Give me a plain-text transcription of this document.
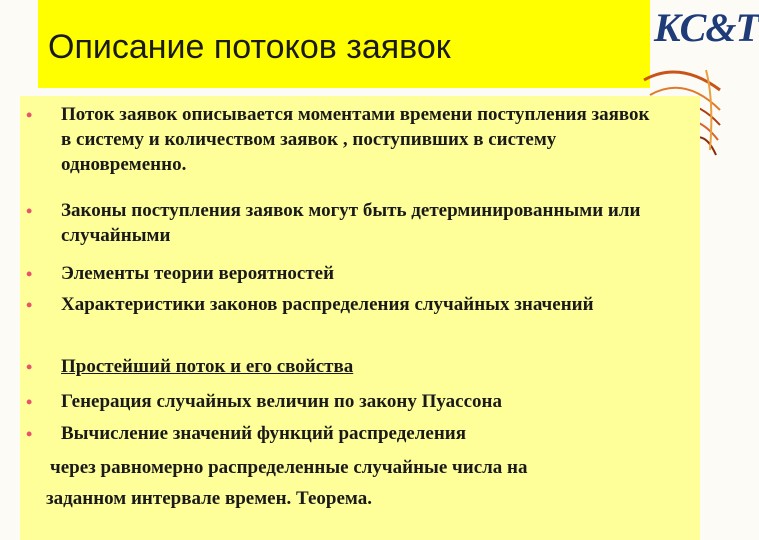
Описание потоков заявок	KC&T
• Поток заявок описывается моментами времени поступления заявок в систему и количеством заявок , поступивших в систему одновременно.
• Законы поступления заявок могут быть детерминированными или случайными
• Элементы теории вероятностей
• Характеристики законов распределения случайных значений
• Простейший поток и его свойства
• Генерация случайных величин по закону Пуассона
• Вычисление значений функций распределения
через равномерно распределенные случайные числа на
заданном интервале времен. Теорема.
